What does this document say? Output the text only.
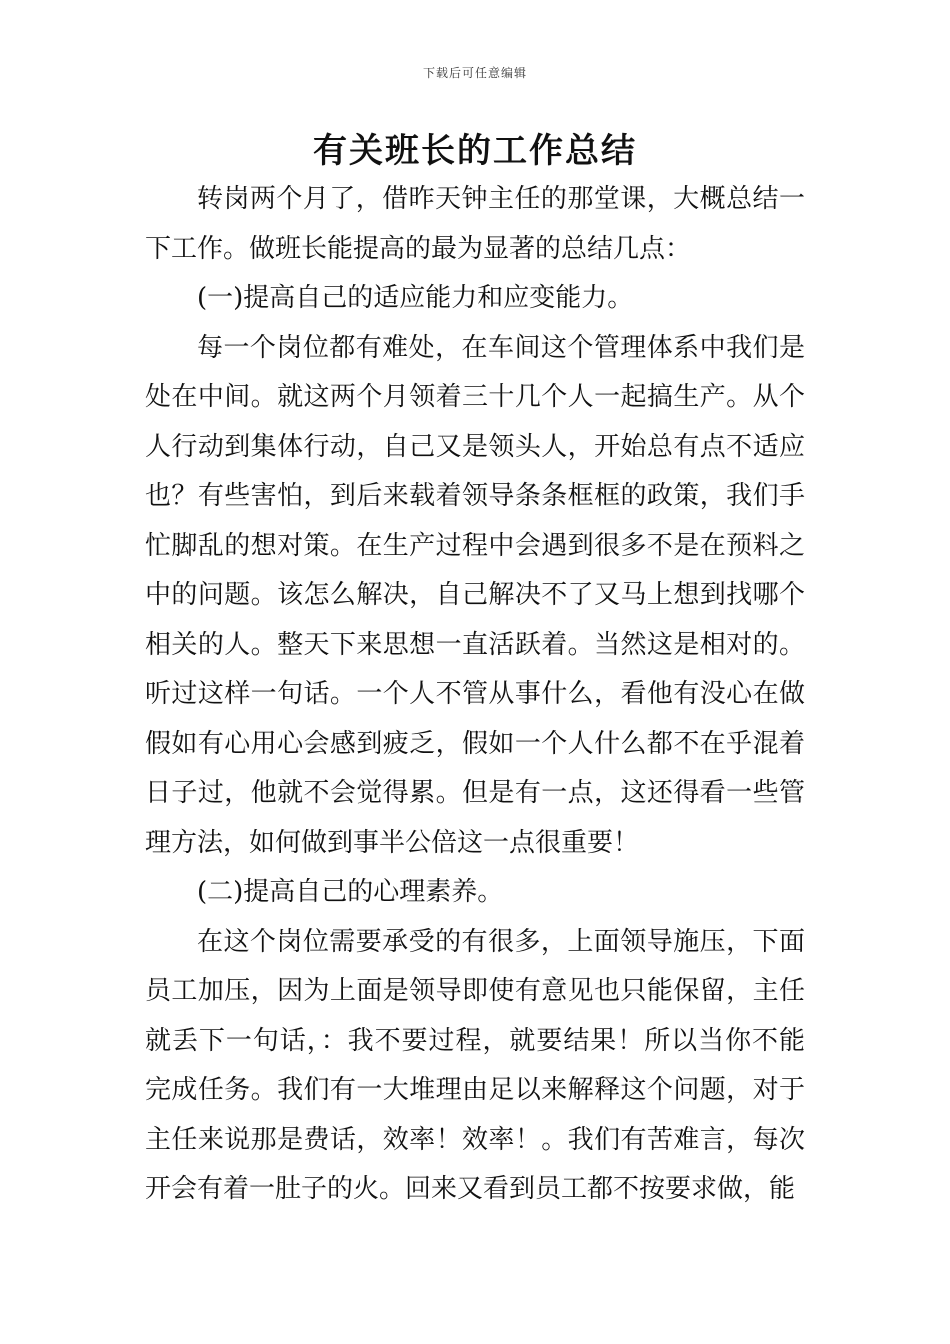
下载后可任意编辑
有关班长的工作总结

转岗两个月了，借昨天钟主任的那堂课，大概总结一下工作。做班长能提高的最为显著的总结几点：

(一)提高自己的适应能力和应变能力。

每一个岗位都有难处，在车间这个管理体系中我们是处在中间。就这两个月领着三十几个人一起搞生产。从个人行动到集体行动，自己又是领头人，开始总有点不适应也？有些害怕，到后来载着领导条条框框的政策，我们手忙脚乱的想对策。在生产过程中会遇到很多不是在预料之中的问题。该怎么解决，自己解决不了又马上想到找哪个相关的人。整天下来思想一直活跃着。当然这是相对的。听过这样一句话。一个人不管从事什么，看他有没心在做假如有心用心会感到疲乏，假如一个人什么都不在乎混着日子过，他就不会觉得累。但是有一点，这还得看一些管理方法，如何做到事半公倍这一点很重要！

(二)提高自己的心理素养。

在这个岗位需要承受的有很多，上面领导施压，下面员工加压，因为上面是领导即使有意见也只能保留，主任就丢下一句话，：我不要过程，就要结果！所以当你不能完成任务。我们有一大堆理由足以来解释这个问题，对于主任来说那是费话，效率！效率！。我们有苦难言，每次开会有着一肚子的火。回来又看到员工都不按要求做，能
